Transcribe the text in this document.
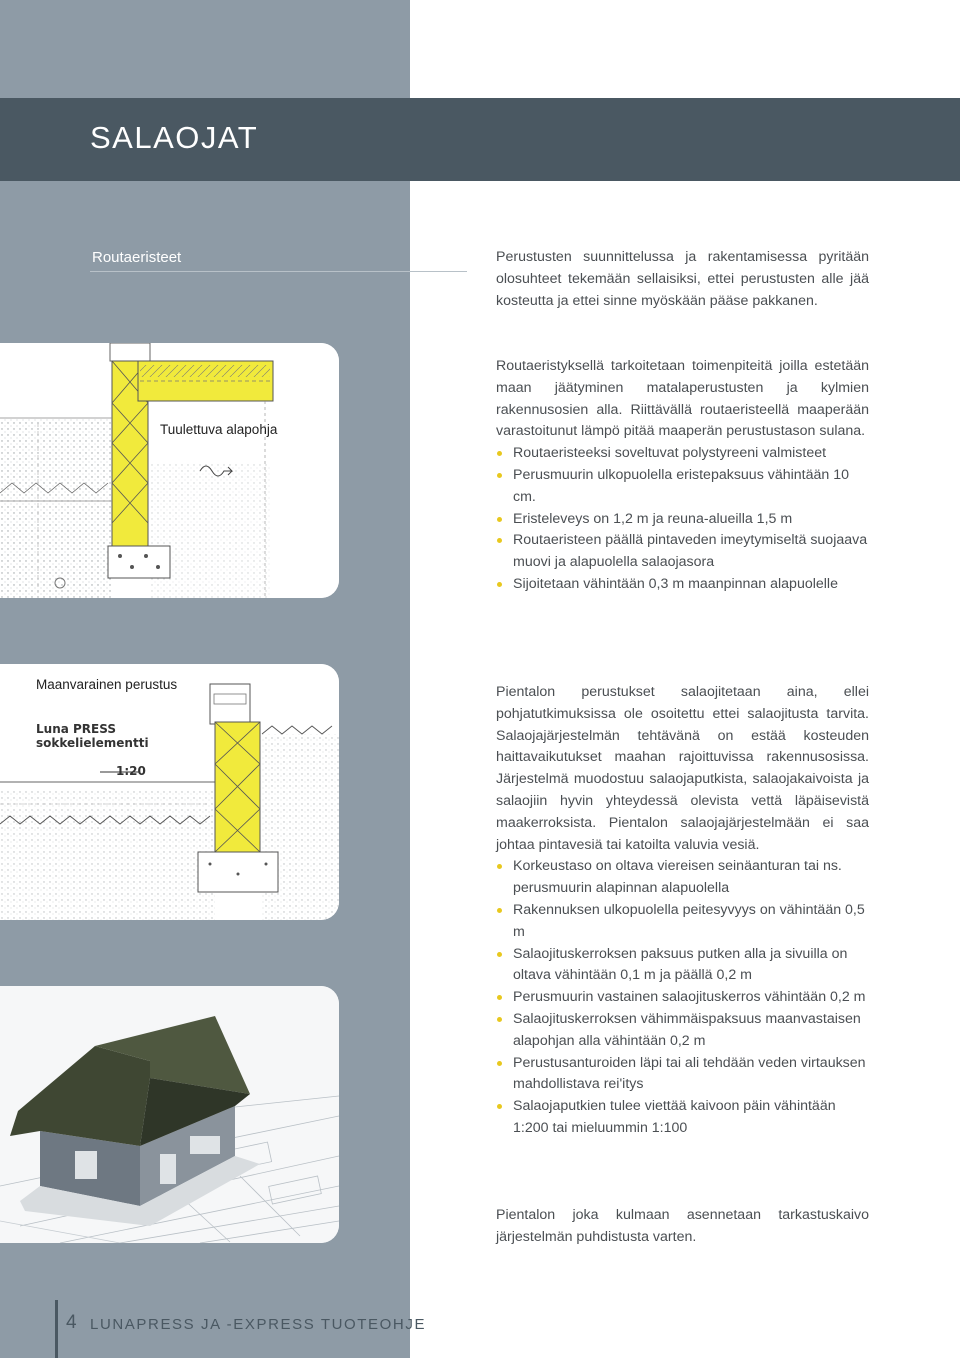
SALAOJAT
Routaeristeet
Tuulettuva alapohja
Maanvarainen perustus
Luna PRESS
sokkelielementti
1:20

Perustusten suunnittelussa ja rakentamisessa pyritään olosuhteet tekemään sellaisiksi, ettei perustusten alle jää kosteutta ja ettei sinne myöskään pääse pakkanen.

Routaeristyksellä tarkoitetaan toimenpiteitä joilla estetään maan jäätyminen matalaperustusten ja kylmien rakennusosien alla. Riittävällä routaeristeellä maaperään varastoitunut lämpö pitää maaperän perustustason sulana.

Routaeristeeksi soveltuvat polystyreeni valmisteet
Perusmuurin ulkopuolella eristepaksuus vähintään 10 cm.
Eristeleveys on 1,2 m ja reuna-alueilla 1,5 m
Routaeristeen päällä pintaveden imeytymiseltä suojaava muovi ja alapuolella salaojasora
Sijoitetaan vähintään 0,3 m maanpinnan alapuolelle

Pientalon perustukset salaojitetaan aina, ellei pohjatutkimuksissa ole osoitettu ettei salaojitusta tarvita. Salaojajärjestelmän tehtävänä on estää kosteuden haittavaikutukset maahan rajoittuvissa rakennusosissa. Järjestelmä muodostuu salaojaputkista, salaojakaivoista ja salaojiin hyvin yhteydessä olevista vettä läpäisevistä maakerroksista. Pientalon salaojajärjestelmään ei saa johtaa pintavesiä tai katoilta valuvia vesiä.

Korkeustaso on oltava viereisen seinäanturan tai ns. perusmuurin alapinnan alapuolella
Rakennuksen ulkopuolella peitesyvyys on vähintään 0,5 m
Salaojituskerroksen paksuus putken alla ja sivuilla on oltava vähintään 0,1 m ja päällä 0,2 m
Perusmuurin vastainen salaojituskerros vähintään 0,2 m
Salaojituskerroksen vähimmäispaksuus maanvastaisen alapohjan alla vähintään 0,2 m
Perustusanturoiden läpi tai ali tehdään veden virtauksen mahdollistava rei'itys
Salaojaputkien tulee viettää kaivoon päin vähintään 1:200 tai mieluummin 1:100

Pientalon joka kulmaan asennetaan tarkastuskaivo järjestelmän puhdistusta varten.

4 LUNAPRESS JA -EXPRESS TUOTEOHJE
